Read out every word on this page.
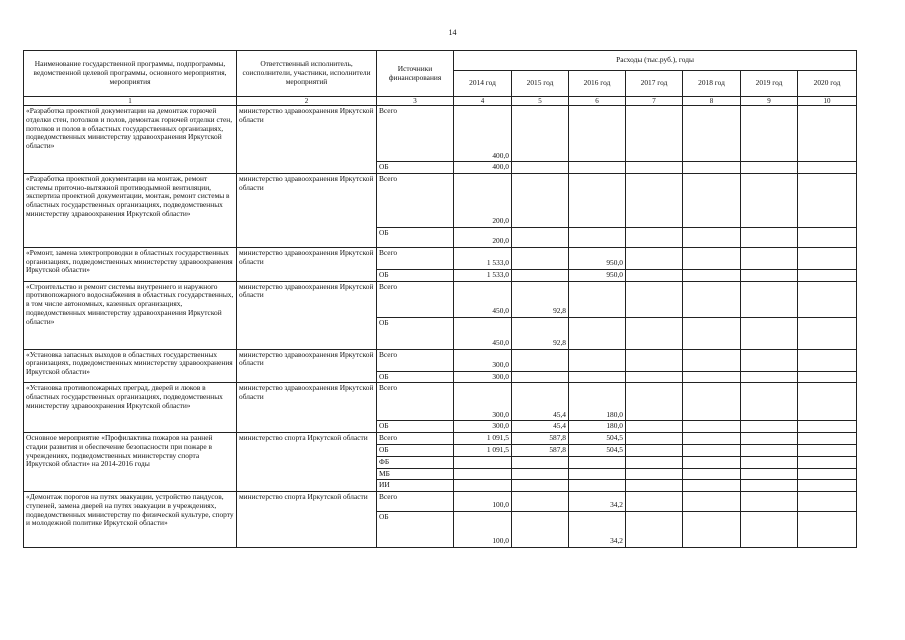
14
Наименование государственной программы, подпрограммы, ведомственной целевой программы, основного мероприятия, мероприятия	Ответственный исполнитель, соисполнители, участники, исполнители мероприятий	Источники финансирования	Расходы (тыс.руб.), годы						
			2014 год	2015 год	2016 год	2017 год	2018 год	2019 год	2020 год
1	2	3	4	5	6	7	8	9	10
«Разработка проектной документации на демонтаж горючей отделки стен, потолков и полов, демонтаж горючей отделки стен, потолков и полов в областных государственных организациях, подведомственных министерству здравоохранения Иркутской области»	министерство здравоохранения Иркутской области	Всего	400,0						
		ОБ	400,0						
«Разработка проектной документации на монтаж, ремонт системы приточно-вытяжной противодымной вентиляции, экспертиза проектной документации, монтаж, ремонт системы в областных государственных организациях, подведомственных министерству здравоохранения Иркутской области»	министерство здравоохранения Иркутской области	Всего	200,0						
		ОБ	200,0						
«Ремонт, замена электропроводки в областных государственных организациях, подведомственных министерству здравоохранения Иркутской области»	министерство здравоохранения Иркутской области	Всего	1 533,0		950,0				
		ОБ	1 533,0		950,0				
«Строительство и ремонт системы внутреннего и наружного противопожарного водоснабжения в областных государственных, в том числе автономных, казенных организациях, подведомственных министерству здравоохранения Иркутской области»	министерство здравоохранения Иркутской области	Всего	450,0	92,8					
		ОБ	450,0	92,8					
«Установка запасных выходов в областных государственных организациях, подведомственных министерству здравоохранения Иркутской области»	министерство здравоохранения Иркутской области	Всего	300,0						
		ОБ	300,0						
«Установка противопожарных преград, дверей и люков в областных государственных организациях, подведомственных министерству здравоохранения Иркутской области»	министерство здравоохранения Иркутской области	Всего	300,0	45,4	180,0				
		ОБ	300,0	45,4	180,0				
Основное мероприятие «Профилактика пожаров на ранней стадии развития и обеспечение безопасности при пожаре в учреждениях, подведомственных министерству спорта Иркутской области» на 2014-2016 годы	министерство спорта Иркутской области	Всего	1 091,5	587,8	504,5				
		ОБ	1 091,5	587,8	504,5				
		ФБ							
		МБ							
		ИИ							
«Демонтаж порогов на путях эвакуации, устройство пандусов, ступеней, замена дверей на путях эвакуации в учреждениях, подведомственных министерству по физической культуре, спорту и молодежной политике Иркутской области»	министерство спорта Иркутской области	Всего	100,0		34,2				
		ОБ	100,0		34,2				
